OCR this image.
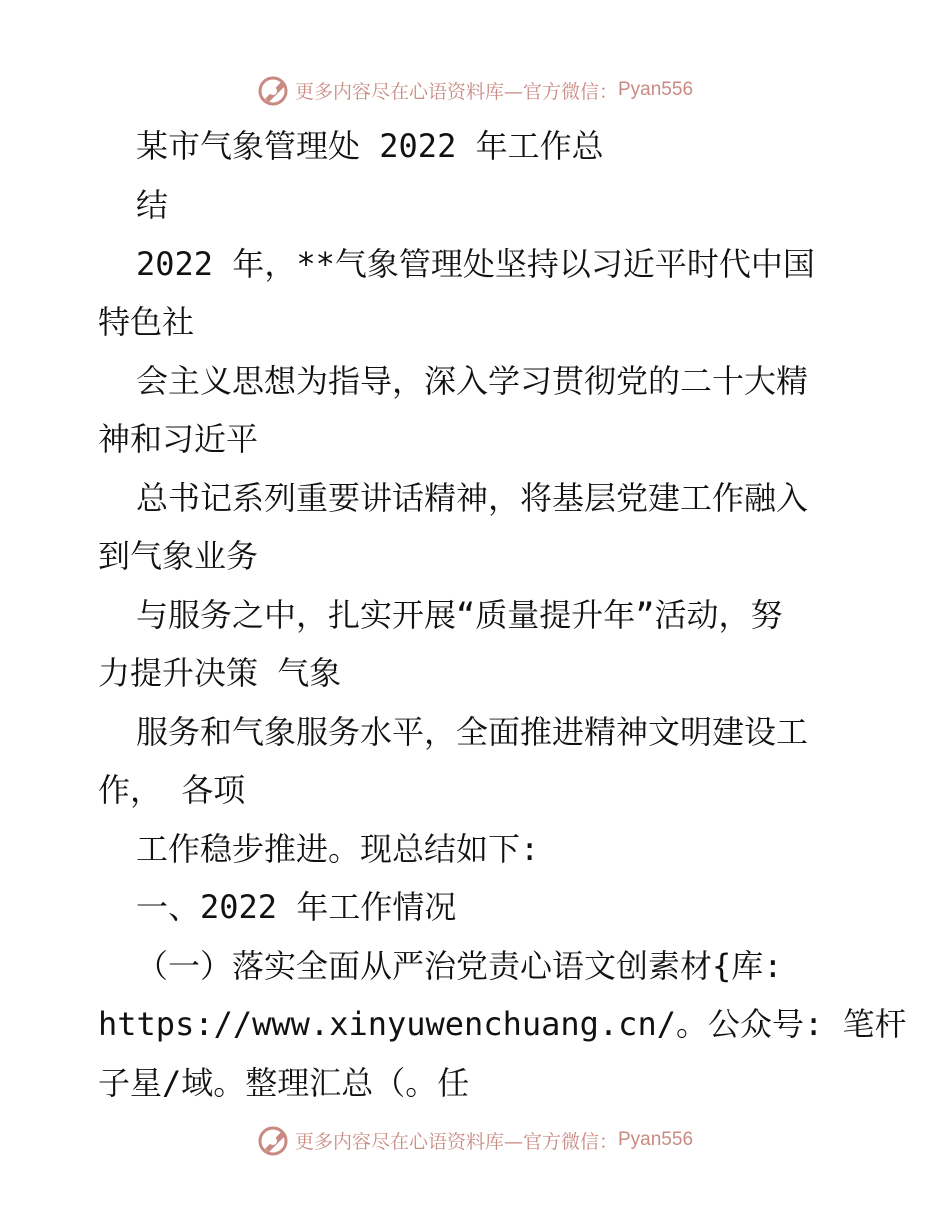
更多内容尽在心语资料库—官方微信： Pyan556
某市气象管理处 2022 年工作总
结
2022 年，**气象管理处坚持以习近平时代中国
特色社
会主义思想为指导，深入学习贯彻党的二十大精
神和习近平
总书记系列重要讲话精神，将基层党建工作融入
到气象业务
与服务之中，扎实开展“质量提升年”活动，努
力提升决策 气象
服务和气象服务水平，全面推进精神文明建设工
作， 各项
工作稳步推进。现总结如下:
一、2022 年工作情况
（一）落实全面从严治党责心语文创素材{库:
https://www.xinyuwenchuang.cn/。公众号: 笔杆
子星/域。整理汇总（。任
更多内容尽在心语资料库—官方微信： Pyan556
